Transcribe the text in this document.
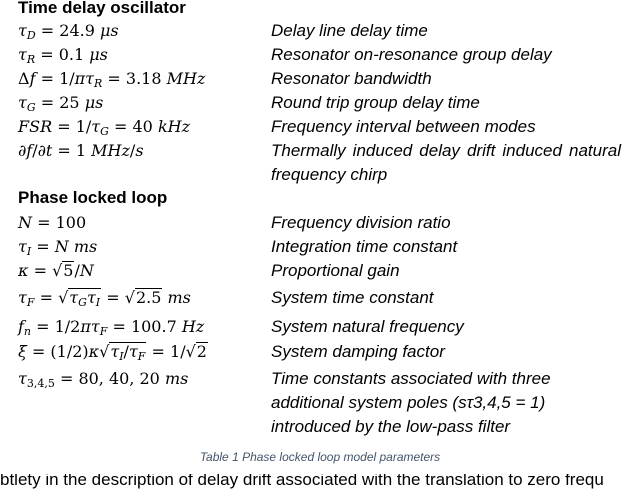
Time delay oscillator
$\tau_D = 24.9$ μs	Delay line delay time
$\tau_R = 0.1$ μs	Resonator on-resonance group delay
$\Delta f = 1/\pi\tau_R = 3.18$ MHz	Resonator bandwidth
$\tau_G = 25$ μs	Round trip group delay time
FSR = $1/\tau_G = 40$ kHz	Frequency interval between modes
∂f/∂t = 1 MHz/s	Thermally induced delay drift induced natural frequency chirp
Phase locked loop
N = 100	Frequency division ratio
$\tau_I = N$ ms	Integration time constant
κ = √5/N	Proportional gain
$\tau_F = √\tau_G\tau_I = √2.5$ ms	System time constant
$f_n = 1/2\pi\tau_F = 100.7$ Hz	System natural frequency
$\xi = (1/2)\kappa√\tau_I/\tau_F = 1/√2$	System damping factor
$\tau_{3,4,5} = 80$, 40, 20 ms	Time constants associated with three additional system poles (sτ3,4,5 = 1) introduced by the low-pass filter
Table 1 Phase locked loop model parameters
btlety in the description of delay drift associated with the translation to zero frequ
